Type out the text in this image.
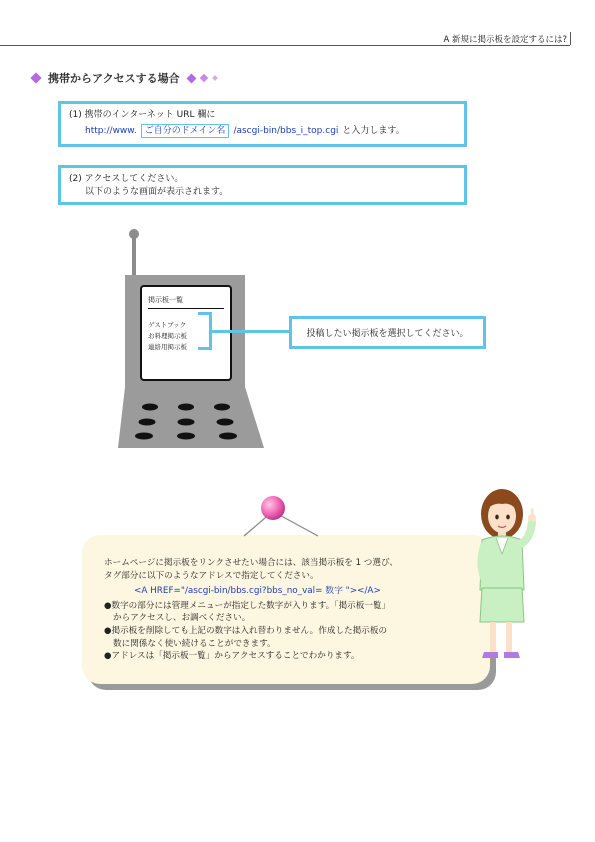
A 新規に掲示板を設定するには?
携帯からアクセスする場合
(1) 携帯のインターネット URL 欄に
http://www. ご自分のドメイン名 /ascgi-bin/bbs_i_top.cgi と入力します。
(2) アクセスしてください。
以下のような画面が表示されます。
掲示板一覧
ゲストブック
お料理掲示板
連絡用掲示板
投稿したい掲示板を選択してください。
ホームページに掲示板をリンクさせたい場合には、該当掲示板を 1 つ選び、
タグ部分に以下のようなアドレスで指定してください。
<A HREF="/ascgi-bin/bbs.cgi?bbs_no_val= 数字 "></A>
●数字の部分には管理メニューが指定した数字が入ります。「掲示板一覧」
からアクセスし、お調べください。
●掲示板を削除しても上記の数字は入れ替わりません。作成した掲示板の
数に関係なく使い続けることができます。
●アドレスは「掲示板一覧」からアクセスすることでわかります。
